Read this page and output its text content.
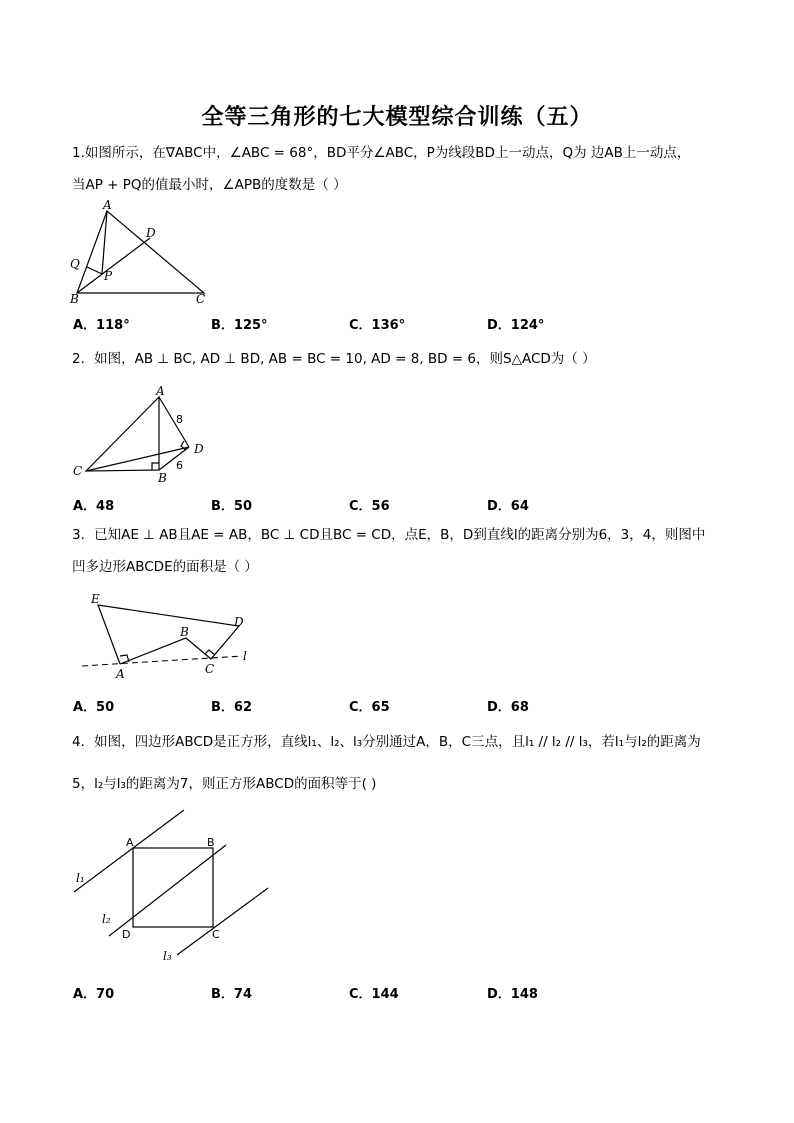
全等三角形的七大模型综合训练（五）
1.如图所示，在∇ABC中，∠ABC = 68°，BD平分∠ABC，P为线段BD上一动点，Q为 边AB上一动点，
当AP + PQ的值最小时，∠APB的度数是（ ）
A
B	C
D
P
Q
A．118°	B．125°	C．136°	D．124°
2．如图，AB ⊥ BC, AD ⊥ BD, AB = BC = 10, AD = 8, BD = 6，则S△ACD为（ ）
A
B
C
D
8
6
A．48	B．50	C．56	D．64
3．已知AE ⊥ AB且AE = AB，BC ⊥ CD且BC = CD，点E，B，D到直线l的距离分别为6，3，4，则图中
凹多边形ABCDE的面积是（ ）
E
A
B
C
D
l
A．50	B．62	C．65	D．68
4．如图，四边形ABCD是正方形，直线l₁、l₂、l₃分别通过A，B，C三点，且l₁ // l₂ // l₃，若l₁与l₂的距离为
5，l₂与l₃的距离为7，则正方形ABCD的面积等于( )
A	B
D	C
l₁
l₂
l₃
A．70	B．74	C．144	D．148
